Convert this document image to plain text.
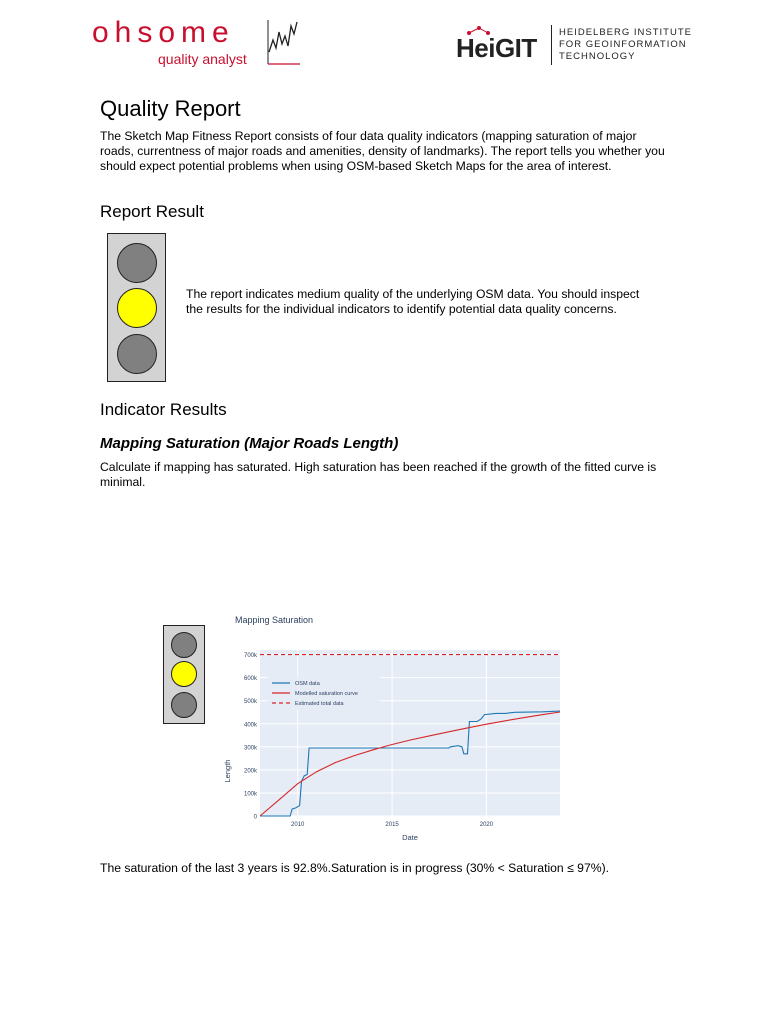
ohsome
quality analyst	HeiGIT
HEIDELBERG INSTITUTE
FOR GEOINFORMATION
TECHNOLOGY
Quality Report
The Sketch Map Fitness Report consists of four data quality indicators (mapping saturation of major roads, currentness of major roads and amenities, density of landmarks). The report tells you whether you should expect potential problems when using OSM-based Sketch Maps for the area of interest.
Report Result
The report indicates medium quality of the underlying OSM data. You should inspect the results for the individual indicators to identify potential data quality concerns.
Indicator Results
Mapping Saturation (Major Roads Length)
Calculate if mapping has saturated. High saturation has been reached if the growth of the fitted curve is minimal.
Mapping Saturation
0
100k
200k
300k
400k
500k
600k
700k
2010	2015	2020
OSM data
Modelled saturation curve
Estimated total data
Date
Length
The saturation of the last 3 years is 92.8%.Saturation is in progress (30% < Saturation ≤ 97%).
